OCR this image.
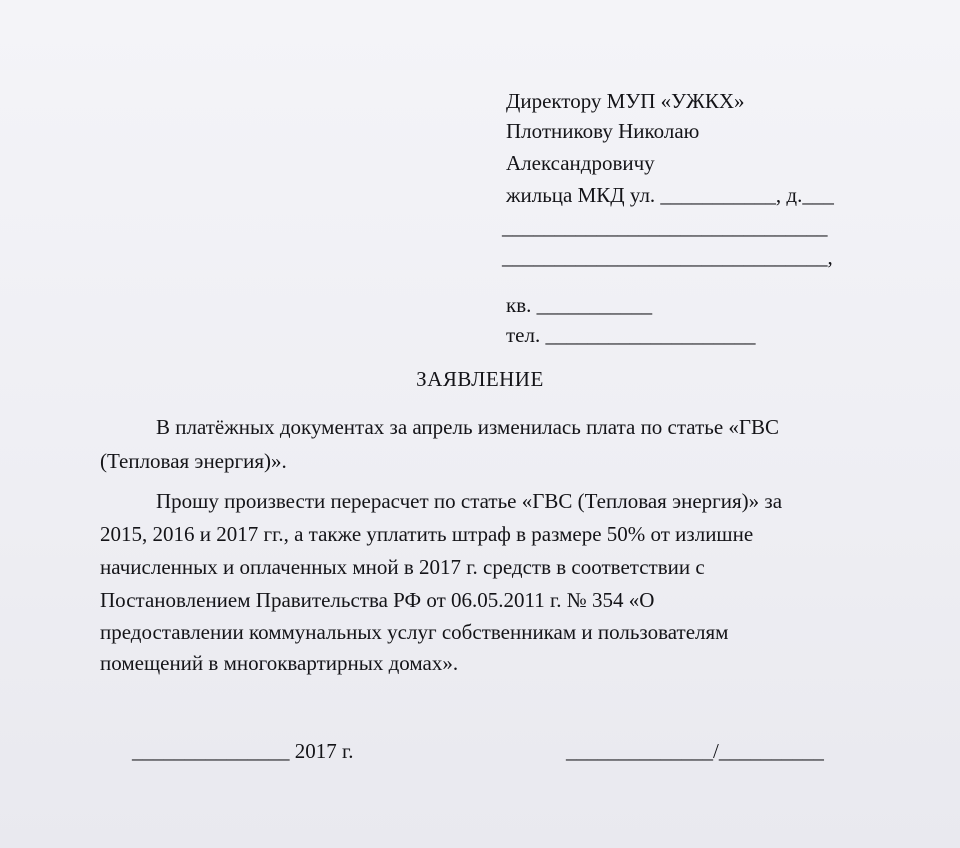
Директору МУП «УЖКХ»
Плотникову Николаю
Александровичу
жильца МКД ул. ___________, д.___
_______________________________
_______________________________,
кв. ___________
тел. ____________________
ЗАЯВЛЕНИЕ
В платёжных документах за апрель изменилась плата по статье «ГВС
(Тепловая энергия)».
Прошу произвести перерасчет по статье «ГВС (Тепловая энергия)» за
2015, 2016 и 2017 гг., а также уплатить штраф в размере 50% от излишне
начисленных и оплаченных мной в 2017 г. средств в соответствии с
Постановлением Правительства РФ от 06.05.2011 г. № 354 «О
предоставлении коммунальных услуг собственникам и пользователям
помещений в многоквартирных домах».
_______________ 2017 г.	______________/__________
